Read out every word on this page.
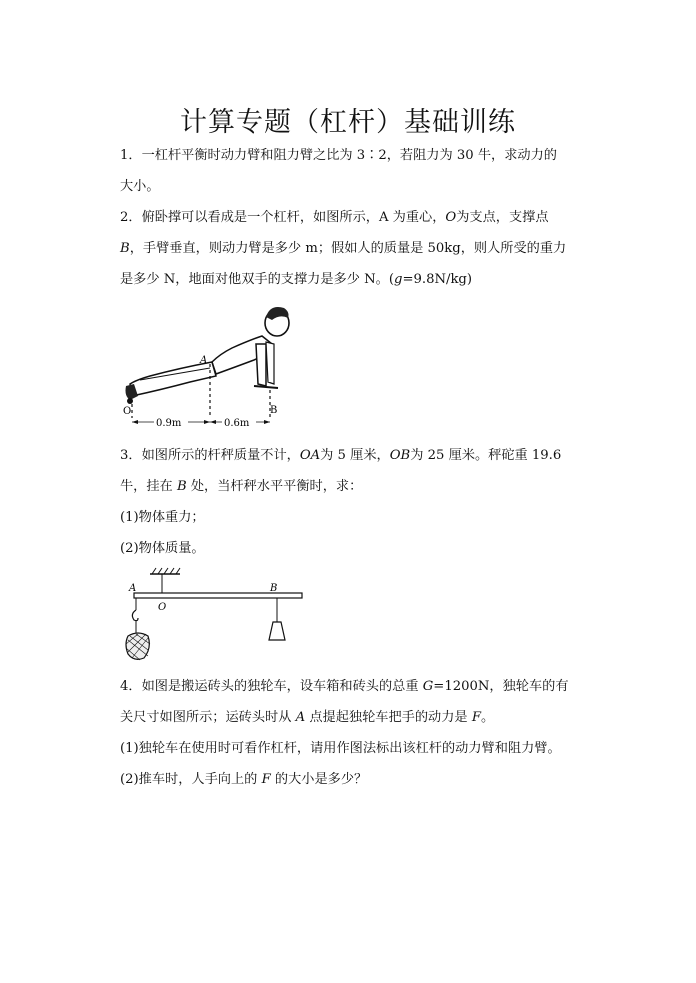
计算专题（杠杆）基础训练
1．一杠杆平衡时动力臂和阻力臂之比为 3∶2，若阻力为 30 牛，求动力的
大小。
2．俯卧撑可以看成是一个杠杆，如图所示，A 为重心，O为支点，支撑点
B，手臂垂直，则动力臂是多少 m；假如人的质量是 50kg，则人所受的重力
是多少 N，地面对他双手的支撑力是多少 N。(g=9.8N/kg)
O
A
B
0.9m	0.6m
3．如图所示的杆秤质量不计，OA为 5 厘米，OB为 25 厘米。秤砣重 19.6
牛，挂在 B 处，当杆秤水平平衡时，求：
(1)物体重力；
(2)物体质量。
A
O
B
4．如图是搬运砖头的独轮车，设车箱和砖头的总重 G=1200N，独轮车的有
关尺寸如图所示；运砖头时从 A 点提起独轮车把手的动力是 F。
(1)独轮车在使用时可看作杠杆，请用作图法标出该杠杆的动力臂和阻力臂。
(2)推车时，人手向上的 F 的大小是多少？
